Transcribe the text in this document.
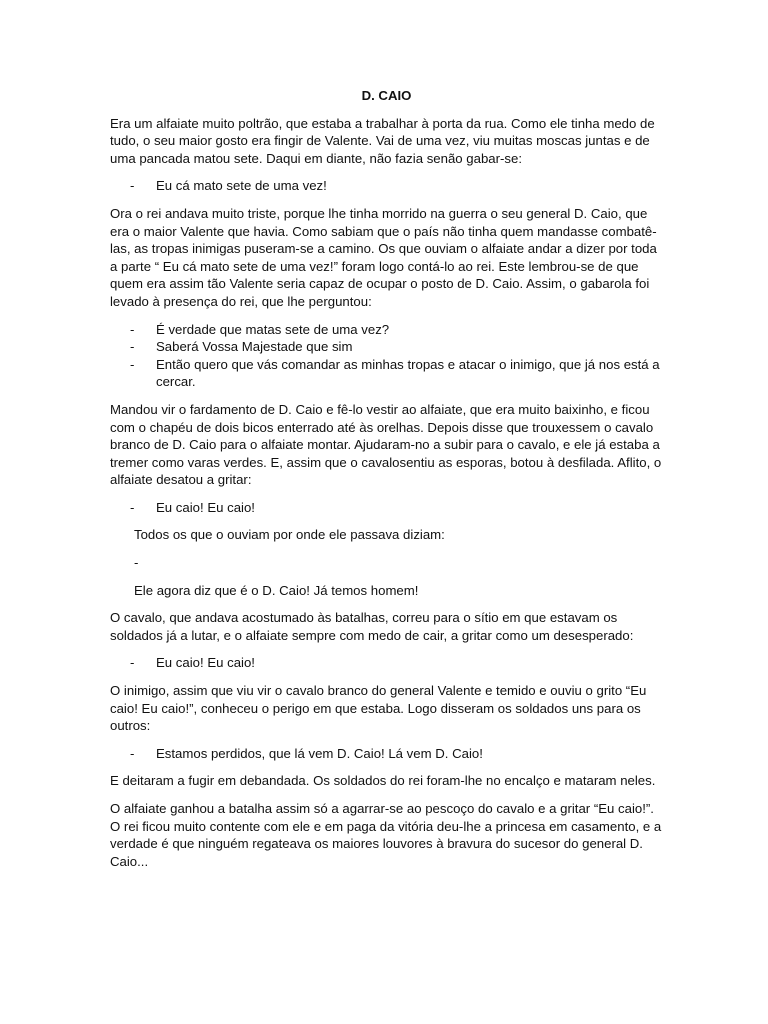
D. CAIO
Era um alfaiate muito poltrão, que estaba a trabalhar à porta da rua. Como ele tinha medo de tudo, o seu maior gosto era fingir de Valente. Vai de uma vez, viu muitas moscas juntas e de uma pancada matou sete. Daqui em diante, não fazia senão gabar-se:
- Eu cá mato sete de uma vez!
Ora o rei andava muito triste, porque lhe tinha morrido na guerra o seu general D. Caio, que era o maior Valente que havia. Como sabiam que o país não tinha quem mandasse combatê-las, as tropas inimigas puseram-se a camino. Os que ouviam o alfaiate andar a dizer por toda a parte “ Eu cá mato sete de uma vez!” foram logo contá-lo ao rei. Este lembrou-se de que quem era assim tão Valente seria capaz de ocupar o posto de D. Caio. Assim, o gabarola foi levado à presença do rei, que lhe perguntou:
- É verdade que matas sete de uma vez?
- Saberá Vossa Majestade que sim
- Então quero que vás comandar as minhas tropas e atacar o inimigo, que já nos está a cercar.
Mandou vir o fardamento de D. Caio e fê-lo vestir ao alfaiate, que era muito baixinho, e ficou com o chapéu de dois bicos enterrado até às orelhas. Depois disse que trouxessem o cavalo branco de D. Caio para o alfaiate montar. Ajudaram-no a subir para o cavalo, e ele já estaba a tremer como varas verdes. E, assim que o cavalosentiu as esporas, botou à desfilada. Aflito, o alfaiate desatou a gritar:
- Eu caio! Eu caio!
Todos os que o ouviam por onde ele passava diziam:
-
Ele agora diz que é o D. Caio! Já temos homem!
O cavalo, que andava acostumado às batalhas, correu para o sítio em que estavam os soldados já a lutar, e o alfaiate sempre com medo de cair, a gritar como um desesperado:
- Eu caio! Eu caio!
O inimigo, assim que viu vir o cavalo branco do general Valente e temido e ouviu o grito “Eu caio! Eu caio!”, conheceu o perigo em que estaba. Logo disseram os soldados uns para os outros:
- Estamos perdidos, que lá vem D. Caio! Lá vem D. Caio!
E deitaram a fugir em debandada. Os soldados do rei foram-lhe no encalço e mataram neles.
O alfaiate ganhou a batalha assim só a agarrar-se ao pescoço do cavalo e a gritar “Eu caio!”. O rei ficou muito contente com ele e em paga da vitória deu-lhe a princesa em casamento, e a verdade é que ninguém regateava os maiores louvores à bravura do sucesor do general D. Caio...
